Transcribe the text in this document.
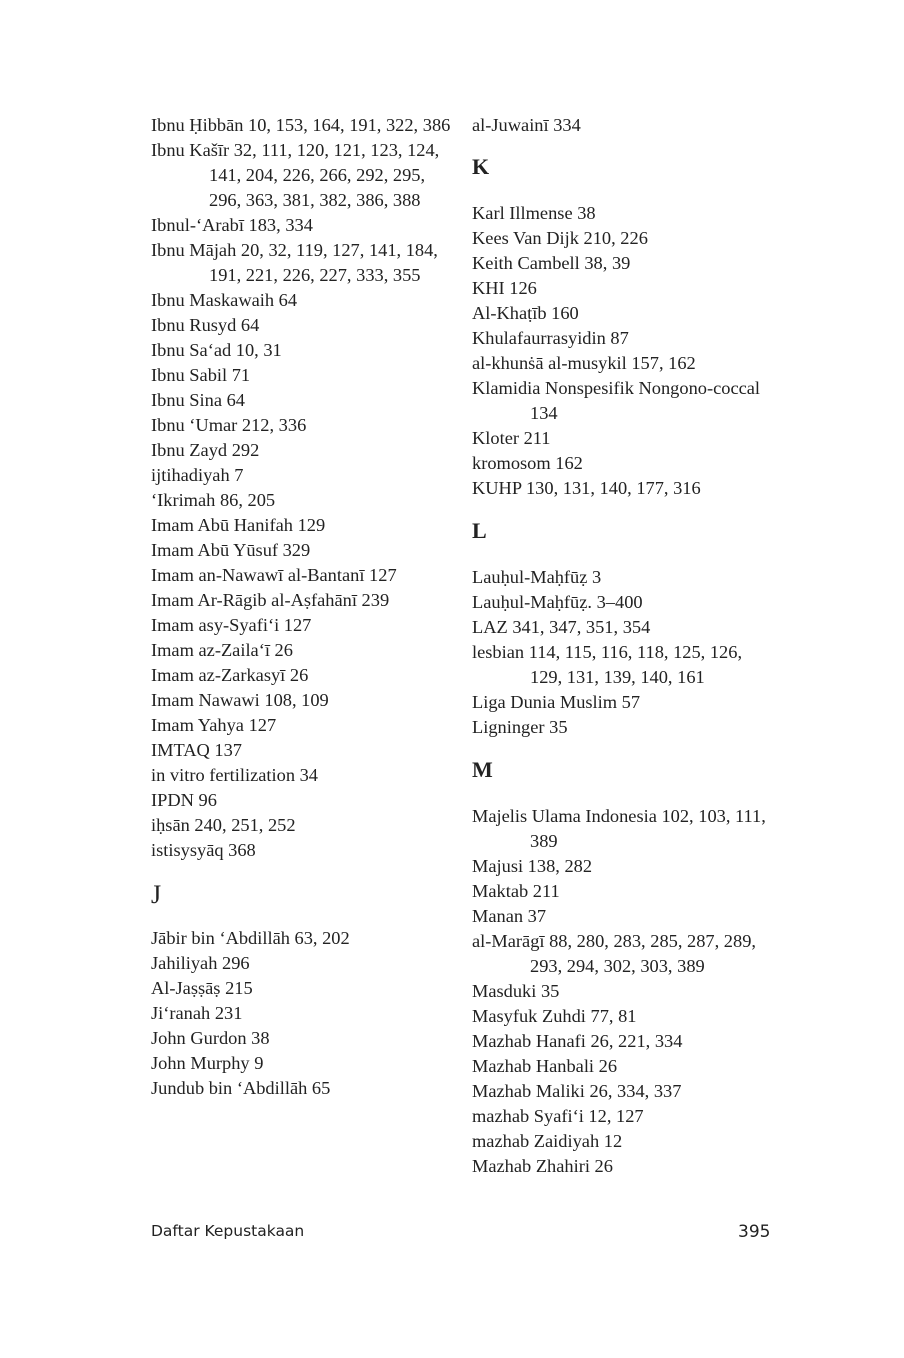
Ibnu Ḥibbān 10, 153, 164, 191, 322, 386
Ibnu Kašīr 32, 111, 120, 121, 123, 124, 141, 204, 226, 266, 292, 295, 296, 363, 381, 382, 386, 388
Ibnul-‘Arabī 183, 334
Ibnu Mājah 20, 32, 119, 127, 141, 184, 191, 221, 226, 227, 333, 355
Ibnu Maskawaih 64
Ibnu Rusyd 64
Ibnu Sa‘ad 10, 31
Ibnu Sabil 71
Ibnu Sina 64
Ibnu ‘Umar 212, 336
Ibnu Zayd 292
ijtihadiyah 7
‘Ikrimah 86, 205
Imam Abū Hanifah 129
Imam Abū Yūsuf 329
Imam an-Nawawī al-Bantanī 127
Imam Ar-Rāgib al-Aṣfahānī 239
Imam asy-Syafi‘i 127
Imam az-Zaila‘ī 26
Imam az-Zarkasyī 26
Imam Nawawi 108, 109
Imam Yahya 127
IMTAQ 137
in vitro fertilization 34
IPDN 96
iḥsān 240, 251, 252
istisysyāq 368
J
Jābir bin ‘Abdillāh 63, 202
Jahiliyah 296
Al-Jaṣṣāṣ 215
Ji‘ranah 231
John Gurdon 38
John Murphy 9
Jundub bin ‘Abdillāh 65
al-Juwainī 334
K
Karl Illmense 38
Kees Van Dijk 210, 226
Keith Cambell 38, 39
KHI 126
Al-Khaṭīb 160
Khulafaurrasyidin 87
al-khunṡā al-musykil 157, 162
Klamidia Nonspesifik Nongono-coccal 134
Kloter 211
kromosom 162
KUHP 130, 131, 140, 177, 316
L
Lauḥul-Maḥfūẓ 3
Lauḥul-Maḥfūẓ. 3–400
LAZ 341, 347, 351, 354
lesbian 114, 115, 116, 118, 125, 126, 129, 131, 139, 140, 161
Liga Dunia Muslim 57
Ligninger 35
M
Majelis Ulama Indonesia 102, 103, 111, 389
Majusi 138, 282
Maktab 211
Manan 37
al-Marāgī 88, 280, 283, 285, 287, 289, 293, 294, 302, 303, 389
Masduki 35
Masyfuk Zuhdi 77, 81
Mazhab Hanafi 26, 221, 334
Mazhab Hanbali 26
Mazhab Maliki 26, 334, 337
mazhab Syafi‘i 12, 127
mazhab Zaidiyah 12
Mazhab Zhahiri 26
Daftar Kepustakaan	395
